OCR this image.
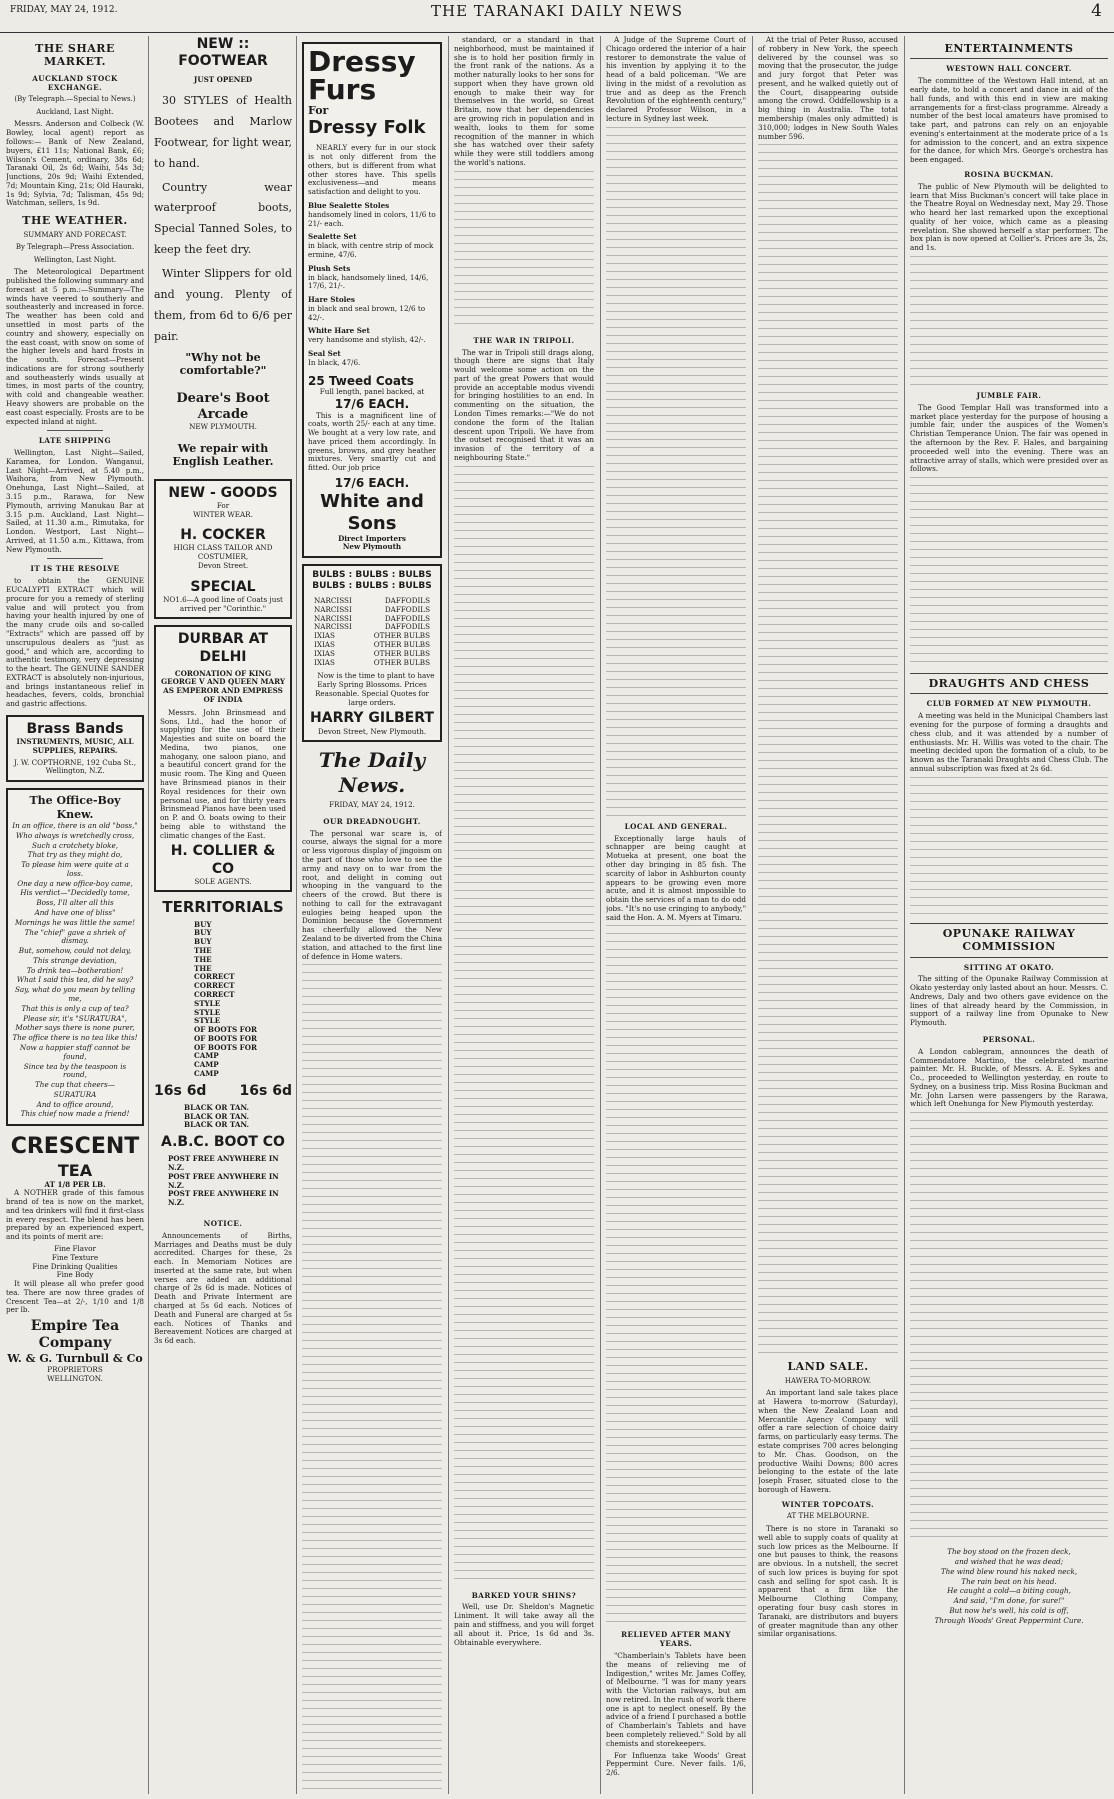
FRIDAY, MAY 24, 1912.	THE TARANAKI DAILY NEWS	4
THE SHARE MARKET.
AUCKLAND STOCK EXCHANGE.
(By Telegraph.—Special to News.)
Auckland, Last Night.

Messrs. Anderson and Colbeck (W. Bowley, local agent) report as follows:— Bank of New Zealand, buyers, £11 11s; National Bank, £6; Wilson's Cement, ordinary, 38s 6d; Taranaki Oil, 2s 6d; Waihi, 54s 3d; Junctions, 20s 9d; Waihi Extended, 7d; Mountain King, 21s; Old Hauraki, 1s 9d; Sylvia, 7d; Talisman, 45s 9d; Watchman, sellers, 1s 9d.

THE WEATHER.
SUMMARY AND FORECAST.
By Telegraph—Press Association.
Wellington, Last Night.

The Meteorological Department published the following summary and forecast at 5 p.m.:—Summary—The winds have veered to southerly and southeasterly and increased in force. The weather has been cold and unsettled in most parts of the country and showery, especially on the east coast, with snow on some of the higher levels and hard frosts in the south. Forecast—Present indications are for strong southerly and southeasterly winds usually at times, in most parts of the country, with cold and changeable weather. Heavy showers are probable on the east coast especially. Frosts are to be expected inland at night.

LATE SHIPPING

Wellington, Last Night—Sailed, Karamea, for London. Wanganui, Last Night—Arrived, at 5.40 p.m., Waihora, from New Plymouth. Onehunga, Last Night—Sailed, at 3.15 p.m., Rarawa, for New Plymouth, arriving Manukau Bar at 3.15 p.m. Auckland, Last Night—Sailed, at 11.30 a.m., Rimutaka, for London. Westport, Last Night—Arrived, at 11.50 a.m., Kittawa, from New Plymouth.

IT IS THE RESOLVE

to obtain the GENUINE EUCALYPTI EXTRACT which will procure for you a remedy of sterling value and will protect you from having your health injured by one of the many crude oils and so-called "Extracts" which are passed off by unscrupulous dealers as "just as good," and which are, according to authentic testimony, very depressing to the heart. The GENUINE SANDER EXTRACT is absolutely non-injurious, and brings instantaneous relief in headaches, fevers, colds, bronchial and gastric affections.

Brass Bands
INSTRUMENTS, MUSIC, ALL SUPPLIES, REPAIRS.
J. W. COPTHORNE, 192 Cuba St., Wellington, N.Z.
The Office-Boy Knew.
In an office, there is an old "boss,"
Who always is wretchedly cross,
Such a crotchety bloke,
That try as they might do,
To please him were quite at a loss.
One day a new office-boy came,
His verdict—"Decidedly tame,
Boss, I'll alter all this
And have one of bliss"
Mornings he was little the same!
The "chief" gave a shriek of dismay.
But, somehow, could not delay,
This strange deviation,
To drink tea—botheration!
What I said this tea, did he say?
Say, what do you mean by telling me,
That this is only a cup of tea?
Please sir, it's "SURATURA",
Mother says there is none purer,
The office there is no tea like this!
Now a happier staff cannot be found,
Since tea by the teaspoon is round,
The cup that cheers—
SURATURA
And to office around,
This chief now made a friend!
CRESCENT
TEA
AT 1/8 PER LB.

A NOTHER grade of this famous brand of tea is now on the market, and tea drinkers will find it first-class in every respect. The blend has been prepared by an experienced expert, and its points of merit are:

Fine Flavor
Fine Texture
Fine Drinking Qualities
Fine Body

It will please all who prefer good tea. There are now three grades of Crescent Tea—at 2/-, 1/10 and 1/8 per lb.

Empire Tea Company
W. & G. Turnbull & Co
PROPRIETORS
WELLINGTON.
NEW :: FOOTWEAR
JUST OPENED

30 STYLES of Health Bootees and Marlow Footwear, for light wear, to hand.

Country wear waterproof boots, Special Tanned Soles, to keep the feet dry.

Winter Slippers for old and young. Plenty of them, from 6d to 6/6 per pair.

"Why not be comfortable?"
Deare's Boot Arcade
NEW PLYMOUTH.
We repair with English Leather.
NEW - GOODS
For
WINTER WEAR.
H. COCKER
HIGH CLASS TAILOR AND
COSTUMIER,
Devon Street.
SPECIAL
NO1.6—A good line of Coats just arrived per "Corinthic."
DURBAR AT DELHI
CORONATION OF KING GEORGE V AND QUEEN MARY AS EMPEROR AND EMPRESS OF INDIA

Messrs. John Brinsmead and Sons, Ltd., had the honor of supplying for the use of their Majesties and suite on board the Medina, two pianos, one mahogany, one saloon piano, and a beautiful concert grand for the music room. The King and Queen have Brinsmead pianos in their Royal residences for their own personal use, and for thirty years Brinsmead Pianos have been used on P. and O. boats owing to their being able to withstand the climatic changes of the East.

H. COLLIER & CO
SOLE AGENTS.
TERRITORIALS
BUY
BUY
BUY
THE
THE
THE
CORRECT
CORRECT
CORRECT
STYLE
STYLE
STYLE
OF BOOTS FOR
OF BOOTS FOR
OF BOOTS FOR
CAMP
CAMP
CAMP
16s 6d 16s 6d
BLACK OR TAN.
BLACK OR TAN.
BLACK OR TAN.
A.B.C. BOOT CO
POST FREE ANYWHERE IN N.Z.
POST FREE ANYWHERE IN N.Z.
POST FREE ANYWHERE IN N.Z.
NOTICE.

Announcements of Births, Marriages and Deaths must be duly accredited. Charges for these, 2s each. In Memoriam Notices are inserted at the same rate, but when verses are added an additional charge of 2s 6d is made. Notices of Death and Private Interment are charged at 5s 6d each. Notices of Death and Funeral are charged at 5s each. Notices of Thanks and Bereavement Notices are charged at 3s 6d each.

Dressy
Furs
For
Dressy Folk

NEARLY every fur in our stock is not only different from the others, but is different from what other stores have. This spells exclusiveness—and means satisfaction and delight to you.

Blue Sealette Stoles
handsomely lined in colors, 11/6 to 21/- each.
Sealette Set
in black, with centre strip of mock ermine, 47/6.
Plush Sets
in black, handsomely lined, 14/6, 17/6, 21/-.
Hare Stoles
in black and seal brown, 12/6 to 42/-.
White Hare Set
very handsome and stylish, 42/-.
Seal Set
In black, 47/6.
25 Tweed Coats
Full length, panel backed, at
17/6 EACH.

This is a magnificent line of coats, worth 25/- each at any time. We bought at a very low rate, and have priced them accordingly. In greens, browns, and grey heather mixtures. Very smartly cut and fitted. Our job price

17/6 EACH.
White and Sons
Direct Importers
New Plymouth
BULBS : BULBS : BULBS
BULBS : BULBS : BULBS
NARCISSI	DAFFODILS
NARCISSI	DAFFODILS
NARCISSI	DAFFODILS
NARCISSI	DAFFODILS
IXIAS	OTHER BULBS
IXIAS	OTHER BULBS
IXIAS	OTHER BULBS
IXIAS	OTHER BULBS

Now is the time to plant to have Early Spring Blossoms. Prices Reasonable. Special Quotes for large orders.

HARRY GILBERT
Devon Street, New Plymouth.
The Daily News.
FRIDAY, MAY 24, 1912.
OUR DREADNOUGHT.

The personal war scare is, of course, always the signal for a more or less vigorous display of jingoism on the part of those who love to see the army and navy on to war from the root, and delight in coming out whooping in the vanguard to the cheers of the crowd. But there is nothing to call for the extravagant eulogies being heaped upon the Dominion because the Government has cheerfully allowed the New Zealand to be diverted from the China station, and attached to the first line of defence in Home waters.

standard, or a standard in that neighborhood, must be maintained if she is to hold her position firmly in the front rank of the nations. As a mother naturally looks to her sons for support when they have grown old enough to make their way for themselves in the world, so Great Britain, now that her dependencies are growing rich in population and in wealth, looks to them for some recognition of the manner in which she has watched over their safety while they were still toddlers among the world's nations.

THE WAR IN TRIPOLI.

The war in Tripoli still drags along, though there are signs that Italy would welcome some action on the part of the great Powers that would provide an acceptable modus vivendi for bringing hostilities to an end. In commenting on the situation, the London Times remarks:—"We do not condone the form of the Italian descent upon Tripoli. We have from the outset recognised that it was an invasion of the territory of a neighbouring State."

BARKED YOUR SHINS?

Well, use Dr. Sheldon's Magnetic Liniment. It will take away all the pain and stiffness, and you will forget all about it. Price, 1s 6d and 3s. Obtainable everywhere.

A Judge of the Supreme Court of Chicago ordered the interior of a hair restorer to demonstrate the value of his invention by applying it to the head of a bald policeman. "We are living in the midst of a revolution as true and as deep as the French Revolution of the eighteenth century," declared Professor Wilson, in a lecture in Sydney last week.

LOCAL AND GENERAL.

Exceptionally large hauls of schnapper are being caught at Motueka at present, one boat the other day bringing in 85 fish. The scarcity of labor in Ashburton county appears to be growing even more acute, and it is almost impossible to obtain the services of a man to do odd jobs. "It's no use cringing to anybody," said the Hon. A. M. Myers at Timaru.

RELIEVED AFTER MANY YEARS.

"Chamberlain's Tablets have been the means of relieving me of Indigestion," writes Mr. James Coffey, of Melbourne. "I was for many years with the Victorian railways, but am now retired. In the rush of work there one is apt to neglect oneself. By the advice of a friend I purchased a bottle of Chamberlain's Tablets and have been completely relieved." Sold by all chemists and storekeepers.

For Influenza take Woods' Great Peppermint Cure. Never fails. 1/6, 2/6.

At the trial of Peter Russo, accused of robbery in New York, the speech delivered by the counsel was so moving that the prosecutor, the judge and jury forgot that Peter was present, and he walked quietly out of the Court, disappearing outside among the crowd. Oddfellowship is a big thing in Australia. The total membership (males only admitted) is 310,000; lodges in New South Wales number 596.

LAND SALE.
HAWERA TO-MORROW.

An important land sale takes place at Hawera to-morrow (Saturday), when the New Zealand Loan and Mercantile Agency Company will offer a rare selection of choice dairy farms, on particularly easy terms. The estate comprises 700 acres belonging to Mr. Chas. Goodson, on the productive Waihi Downs; 800 acres belonging to the estate of the late Joseph Fraser, situated close to the borough of Hawera.

WINTER TOPCOATS.
AT THE MELBOURNE.

There is no store in Taranaki so well able to supply coats of quality at such low prices as the Melbourne. If one but pauses to think, the reasons are obvious. In a nutshell, the secret of such low prices is buying for spot cash and selling for spot cash. It is apparent that a firm like the Melbourne Clothing Company, operating four busy cash stores in Taranaki, are distributors and buyers of greater magnitude than any other similar organisations.

ENTERTAINMENTS
WESTOWN HALL CONCERT.

The committee of the Westown Hall intend, at an early date, to hold a concert and dance in aid of the hall funds, and with this end in view are making arrangements for a first-class programme. Already a number of the best local amateurs have promised to take part, and patrons can rely on an enjoyable evening's entertainment at the moderate price of a 1s for admission to the concert, and an extra sixpence for the dance, for which Mrs. George's orchestra has been engaged.

ROSINA BUCKMAN.

The public of New Plymouth will be delighted to learn that Miss Buckman's concert will take place in the Theatre Royal on Wednesday next, May 29. Those who heard her last remarked upon the exceptional quality of her voice, which came as a pleasing revelation. She showed herself a star performer. The box plan is now opened at Collier's. Prices are 3s, 2s, and 1s.

JUMBLE FAIR.

The Good Templar Hall was transformed into a market place yesterday for the purpose of housing a jumble fair, under the auspices of the Women's Christian Temperance Union. The fair was opened in the afternoon by the Rev. F. Hales, and bargaining proceeded well into the evening. There was an attractive array of stalls, which were presided over as follows.

DRAUGHTS AND CHESS
CLUB FORMED AT NEW PLYMOUTH.

A meeting was held in the Municipal Chambers last evening for the purpose of forming a draughts and chess club, and it was attended by a number of enthusiasts. Mr. H. Willis was voted to the chair. The meeting decided upon the formation of a club, to be known as the Taranaki Draughts and Chess Club. The annual subscription was fixed at 2s 6d.

OPUNAKE RAILWAY COMMISSION
SITTING AT OKATO.

The sitting of the Opunake Railway Commission at Okato yesterday only lasted about an hour. Messrs. C. Andrews, Daly and two others gave evidence on the lines of that already heard by the Commission, in support of a railway line from Opunake to New Plymouth.

PERSONAL.

A London cablegram, announces the death of Commendatore Martino, the celebrated marine painter. Mr. H. Buckle, of Messrs. A. E. Sykes and Co., proceeded to Wellington yesterday, en route to Sydney, on a business trip. Miss Rosina Buckman and Mr. John Larsen were passengers by the Rarawa, which left Onehunga for New Plymouth yesterday.

The boy stood on the frozen deck,
and wished that he was dead;
The wind blew round his naked neck,
The rain beat on his head.
He caught a cold—a biting cough,
And said, "I'm done, for sure!"
But now he's well, his cold is off,
Through Woods' Great Peppermint Cure.
